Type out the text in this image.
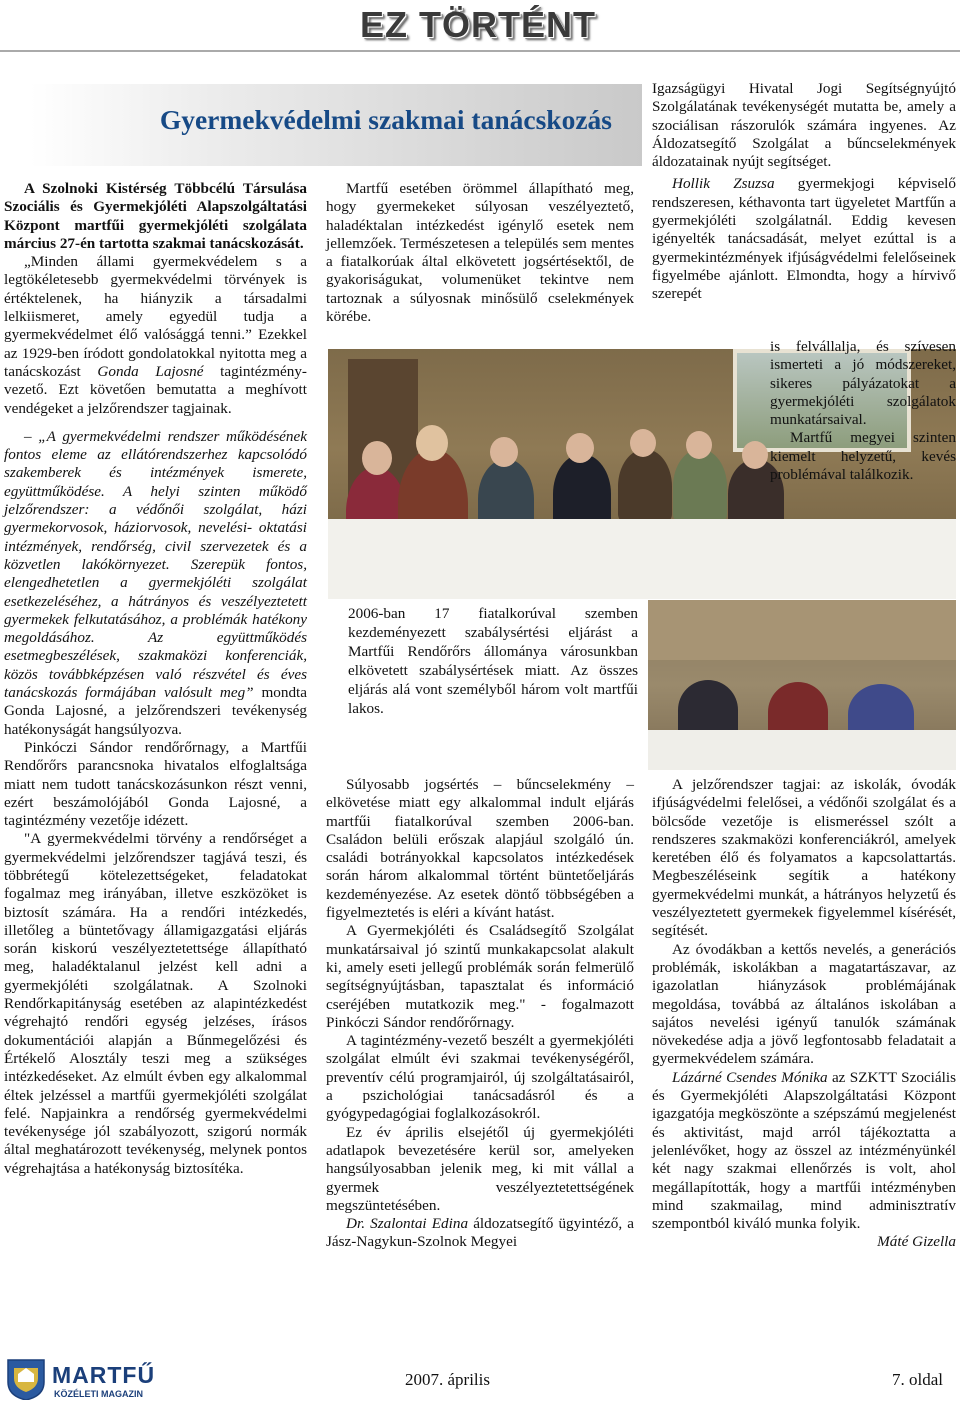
EZ TÖRTÉNT
Gyermekvédelmi szakmai tanácskozás

A Szolnoki Kistérség Többcélú Társulása Szociális és Gyermekjóléti Alapszolgáltatási Központ martfűi gyermekjóléti szolgálata március 27-én tartotta szakmai tanácskozását.

„Minden állami gyermekvédelem s a legtökéletesebb gyermekvédelmi törvények is értéktelenek, ha hiányzik a társadalmi lelkiismeret, amely egyedül tudja a gyermekvédelmet élő valósággá tenni.” Ezekkel az 1929-ben íródott gondolatokkal nyitotta meg a tanácskozást Gonda Lajosné tagintézmény-vezető. Ezt követően bemutatta a meghívott vendégeket a jelzőrendszer tagjainak.

– „A gyermekvédelmi rendszer működésének fontos eleme az ellátórendszerhez kapcsolódó szakemberek és intézmények ismerete, együttműködése. A helyi szinten működő jelzőrendszer: a védőnői szolgálat, házi gyermekorvosok, háziorvosok, nevelési- oktatási intézmények, rendőrség, civil szervezetek és a közvetlen lakókörnyezet. Szerepük fontos, elengedhetetlen a gyermekjóléti szolgálat esetkezeléséhez, a hátrányos és veszélyeztetett gyermekek felkutatásához, a problémák hatékony megoldásához. Az együttműködés esetmegbeszélések, szakmaközi konferenciák, közös továbbképzésen való részvétel és éves tanácskozás formájában valósult meg” mondta Gonda Lajosné, a jelzőrendszeri tevékenység hatékonyságát hangsúlyozva.

Pinkóczi Sándor rendőrőrnagy, a Martfűi Rendőrőrs parancsnoka hivatalos elfoglaltsága miatt nem tudott tanácskozásunkon részt venni, ezért beszámolójából Gonda Lajosné, a tagintézmény vezetője idézett.

"A gyermekvédelmi törvény a rendőrséget a gyermekvédelmi jelzőrendszer tagjává teszi, és többrétegű kötelezettségeket, feladatokat fogalmaz meg irányában, illetve eszközöket is biztosít számára. Ha a rendőri intézkedés, illetőleg a büntetővagy államigazgatási eljárás során kiskorú veszélyeztetettsége állapítható meg, haladéktalanul jelzést kell adni a gyermekjóléti szolgálatnak. A Szolnoki Rendőrkapitányság esetében az alapintézkedést végrehajtó rendőri egység jelzéses, írásos dokumentációi alapján a Bűnmegelőzési és Értékelő Alosztály teszi meg a szükséges intézkedéseket. Az elmúlt évben egy alkalommal éltek jelzéssel a martfűi gyermekjóléti szolgálat felé. Napjainkra a rendőrség gyermekvédelmi tevékenysége jól szabályozott, szigorú normák által meghatározott tevékenység, melynek pontos végrehajtása a hatékonyság biztosítéka.

Martfű esetében örömmel állapítható meg, hogy gyermekeket súlyosan veszélyeztető, haladéktalan intézkedést igénylő esetek nem jellemzőek. Természetesen a település sem mentes a fiatalkorúak által elkövetett jogsértésektől, de gyakoriságukat, volumenüket tekintve nem tartoznak a súlyosnak minősülő cselekmények körébe.

2006-ban 17 fiatalkorúval szemben kezdeményezett szabálysértési eljárást a Martfűi Rendőrőrs állománya városunkban elkövetett szabálysértések miatt. Az összes eljárás alá vont személyből három volt martfűi lakos.

Súlyosabb jogsértés – bűncselekmény – elkövetése miatt egy alkalommal indult eljárás martfűi fiatalkorúval szemben 2006-ban. Családon belüli erőszak alapjául szolgáló ún. családi botrányokkal kapcsolatos intézkedések során három alkalommal történt büntetőeljárás kezdeményezése. Az esetek döntő többségében a figyelmeztetés is eléri a kívánt hatást.

A Gyermekjóléti és Családsegítő Szolgálat munkatársaival jó szintű munkakapcsolat alakult ki, amely eseti jellegű problémák során felmerülő segítségnyújtásban, tapasztalat és információ cseréjében mutatkozik meg." - fogalmazott Pinkóczi Sándor rendőrőrnagy.

A tagintézmény-vezető beszélt a gyermekjóléti szolgálat elmúlt évi szakmai tevékenységéről, preventív célú programjairól, új szolgáltatásairól, a pszichológiai tanácsadásról és a gyógypedagógiai foglalkozásokról.

Ez év április elsejétől új gyermekjóléti adatlapok bevezetésére kerül sor, amelyeken hangsúlyosabban jelenik meg, ki mit vállal a gyermek veszélyeztetettségének megszüntetésében.

Dr. Szalontai Edina áldozatsegítő ügyintéző, a Jász-Nagykun-Szolnok Megyei

Igazságügyi Hivatal Jogi Segítségnyújtó Szolgálatának tevékenységét mutatta be, amely a szociálisan rászorulók számára ingyenes. Az Áldozatsegítő Szolgálat a bűncselekmények áldozatainak nyújt segítséget.

Hollik Zsuzsa gyermekjogi képviselő rendszeresen, kéthavonta tart ügyeletet Martfűn a gyermekjóléti szolgálatnál. Eddig kevesen igényelték tanácsadását, melyet ezúttal is a gyermekintézmények ifjúságvédelmi felelőseinek figyelmébe ajánlott. Elmondta, hogy a hírvivő szerepét

is felvállalja, és szívesen ismerteti a jó módszereket, sikeres pályázatokat a gyermekjóléti szolgálatok munkatársaival.

Martfű megyei szinten kiemelt helyzetű, kevés problémával találkozik.

A jelzőrendszer tagjai: az iskolák, óvodák ifjúságvédelmi felelősei, a védőnői szolgálat és a bölcsőde vezetője is elismeréssel szólt a rendszeres szakmaközi konferenciákról, amelyek keretében élő és folyamatos a kapcsolattartás. Megbeszéléseink segítik a hatékony gyermekvédelmi munkát, a hátrányos helyzetű és veszélyeztetett gyermekek figyelemmel kísérését, segítését.

Az óvodákban a kettős nevelés, a generációs problémák, iskolákban a magatartászavar, az igazolatlan hiányzások problémájának megoldása, továbbá az általános iskolában a sajátos nevelési igényű tanulók számának növekedése adja a jövő legfontosabb feladatait a gyermekvédelem számára.

Lázárné Csendes Mónika az SZKTT Szociális és Gyermekjóléti Alapszolgáltatási Központ igazgatója megköszönte a szépszámú megjelenést és aktivitást, majd arról tájékoztatta a jelenlévőket, hogy az összel az intézményünkél két nagy szakmai ellenőrzés is volt, ahol megállapították, hogy a martfűi intézményben mind szakmailag, mind adminisztratív szempontból kiváló munka folyik.

Máté Gizella

MARTFŰ
KÖZÉLETI MAGAZIN
2007. április	7. oldal
